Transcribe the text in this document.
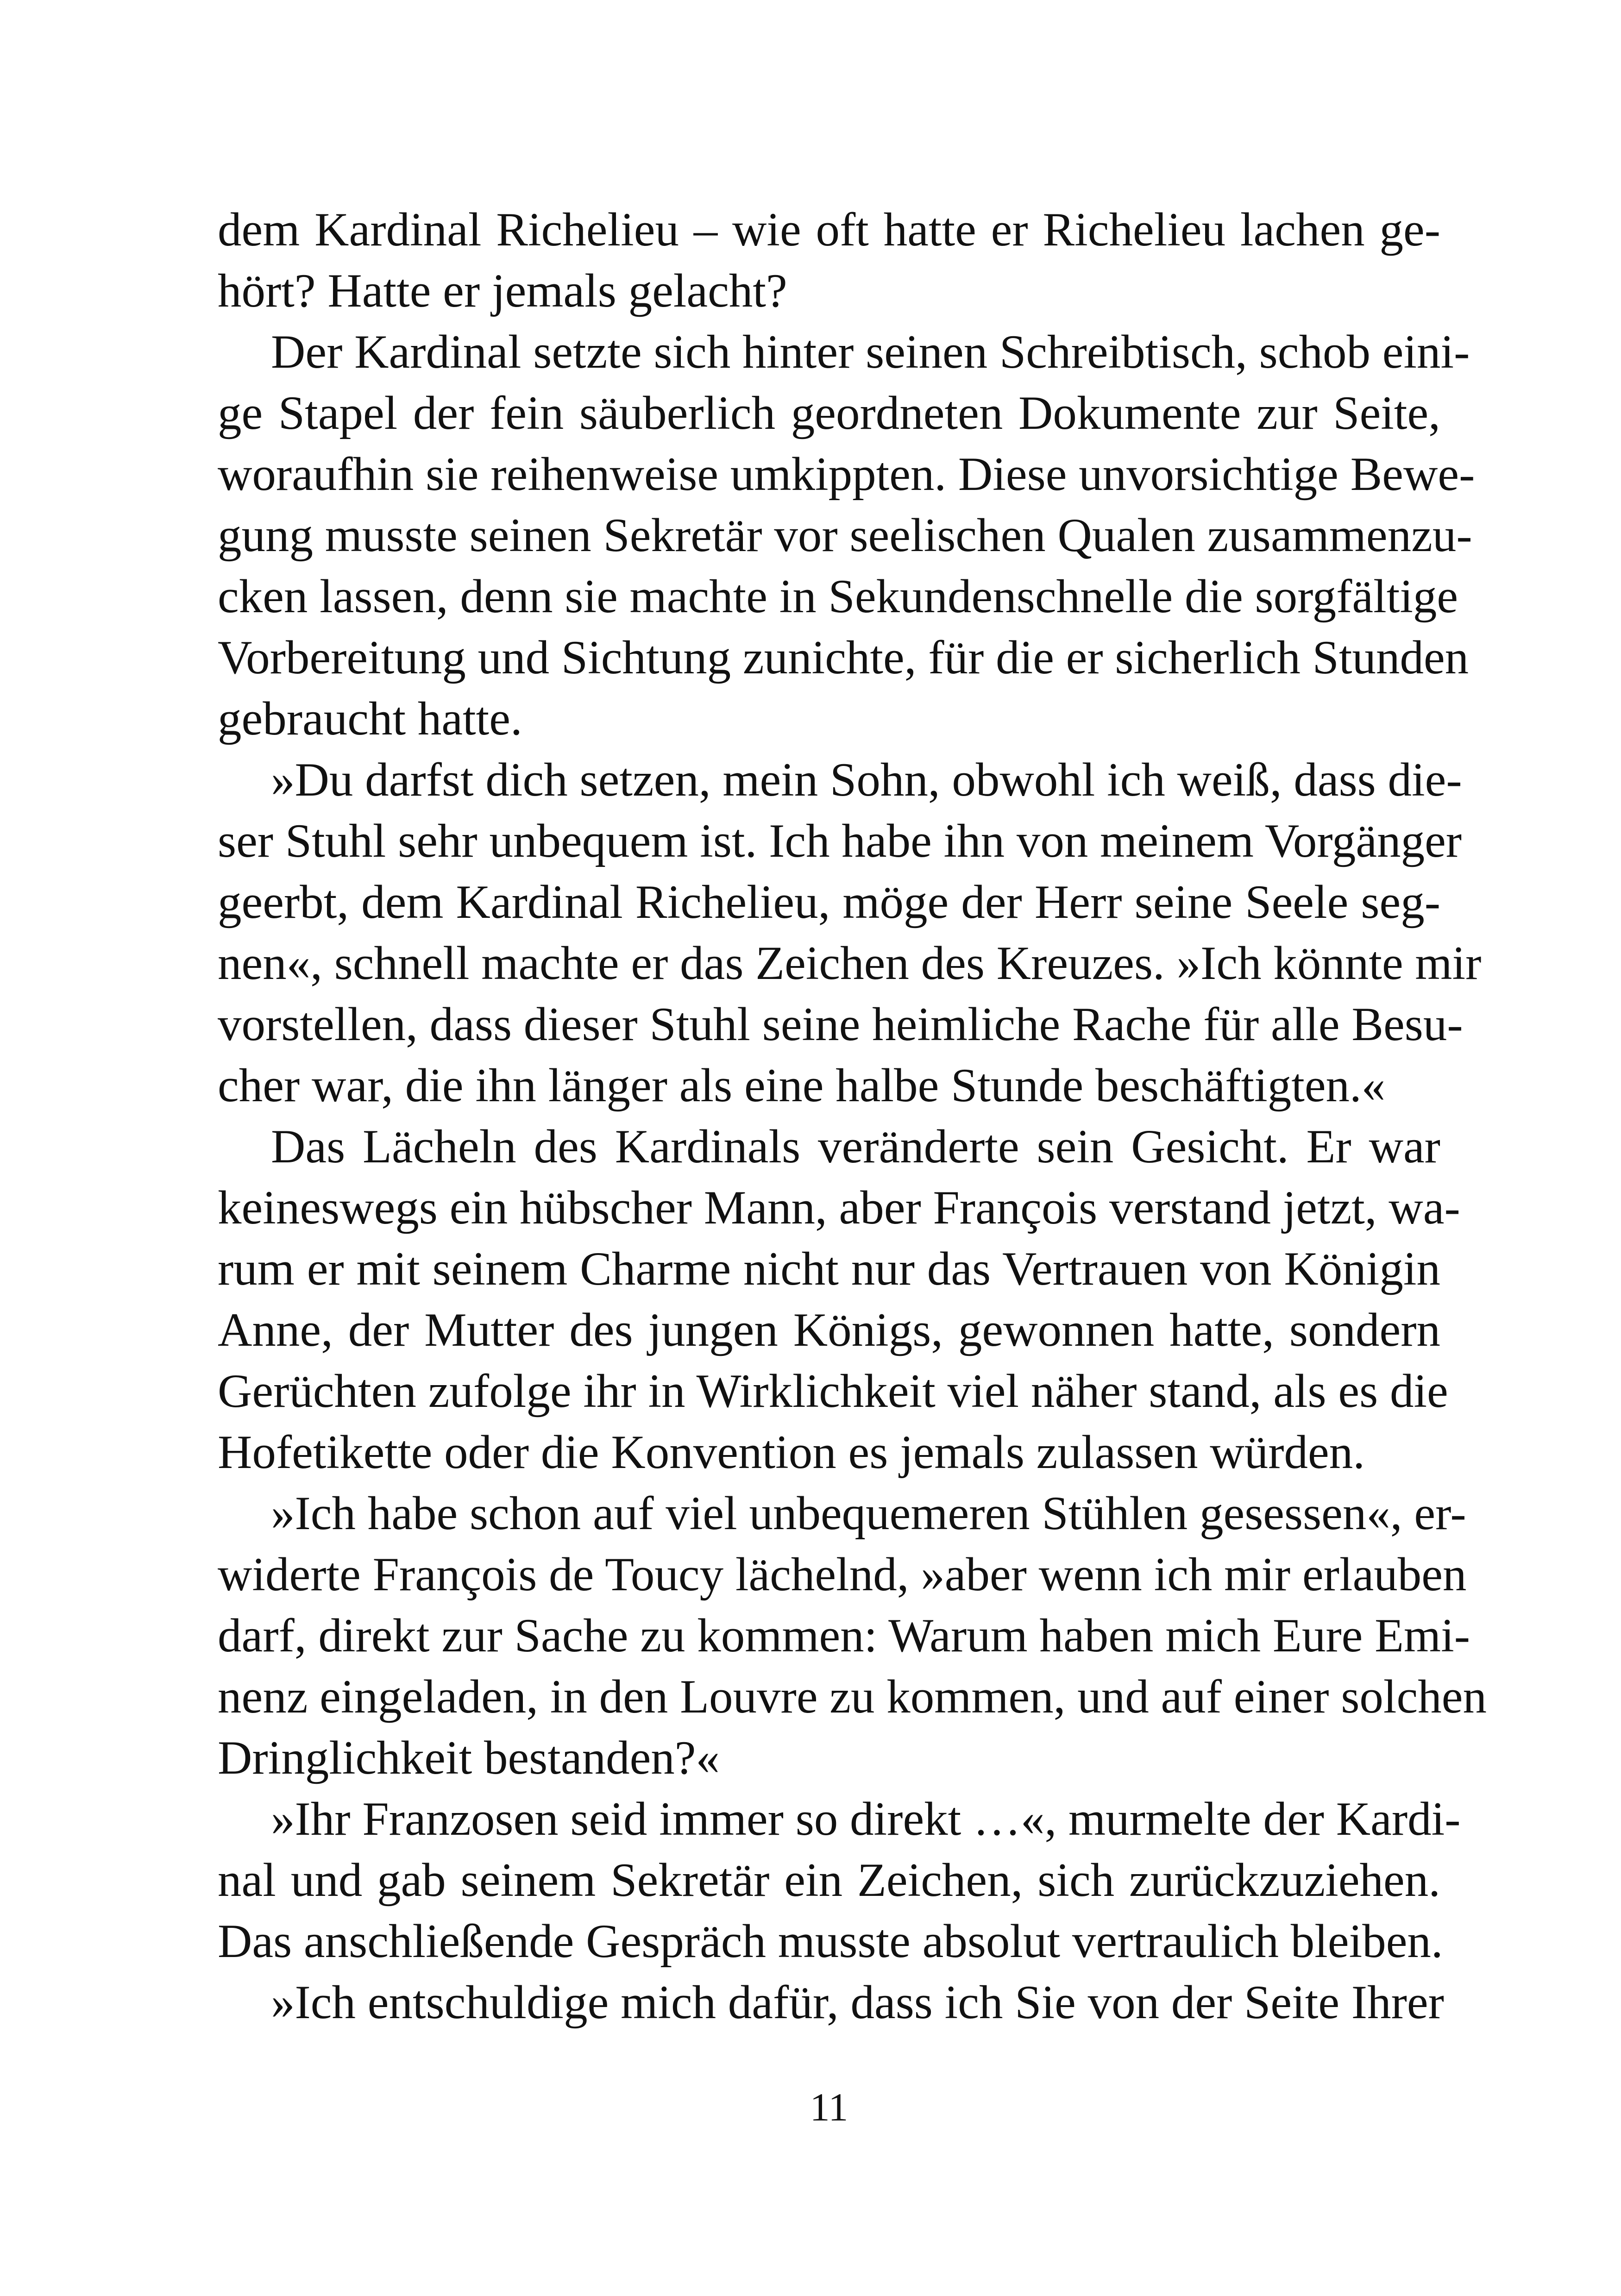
dem Kardinal Richelieu – wie oft hatte er Richelieu lachen ge-
hört? Hatte er jemals gelacht?
Der Kardinal setzte sich hinter seinen Schreibtisch, schob eini-
ge Stapel der fein säuberlich geordneten Dokumente zur Seite,
woraufhin sie reihenweise umkippten. Diese unvorsichtige Bewe-
gung musste seinen Sekretär vor seelischen Qualen zusammenzu-
cken lassen, denn sie machte in Sekundenschnelle die sorgfältige
Vorbereitung und Sichtung zunichte, für die er sicherlich Stunden
gebraucht hatte.
»Du darfst dich setzen, mein Sohn, obwohl ich weiß, dass die-
ser Stuhl sehr unbequem ist. Ich habe ihn von meinem Vorgänger
geerbt, dem Kardinal Richelieu, möge der Herr seine Seele seg-
nen«, schnell machte er das Zeichen des Kreuzes. »Ich könnte mir
vorstellen, dass dieser Stuhl seine heimliche Rache für alle Besu-
cher war, die ihn länger als eine halbe Stunde beschäftigten.«
Das Lächeln des Kardinals veränderte sein Gesicht. Er war
keineswegs ein hübscher Mann, aber François verstand jetzt, wa-
rum er mit seinem Charme nicht nur das Vertrauen von Königin
Anne, der Mutter des jungen Königs, gewonnen hatte, sondern
Gerüchten zufolge ihr in Wirklichkeit viel näher stand, als es die
Hofetikette oder die Konvention es jemals zulassen würden.
»Ich habe schon auf viel unbequemeren Stühlen gesessen«, er-
widerte François de Toucy lächelnd, »aber wenn ich mir erlauben
darf, direkt zur Sache zu kommen: Warum haben mich Eure Emi-
nenz eingeladen, in den Louvre zu kommen, und auf einer solchen
Dringlichkeit bestanden?«
»Ihr Franzosen seid immer so direkt …«, murmelte der Kardi-
nal und gab seinem Sekretär ein Zeichen, sich zurückzuziehen.
Das anschließende Gespräch musste absolut vertraulich bleiben.
»Ich entschuldige mich dafür, dass ich Sie von der Seite Ihrer
11
